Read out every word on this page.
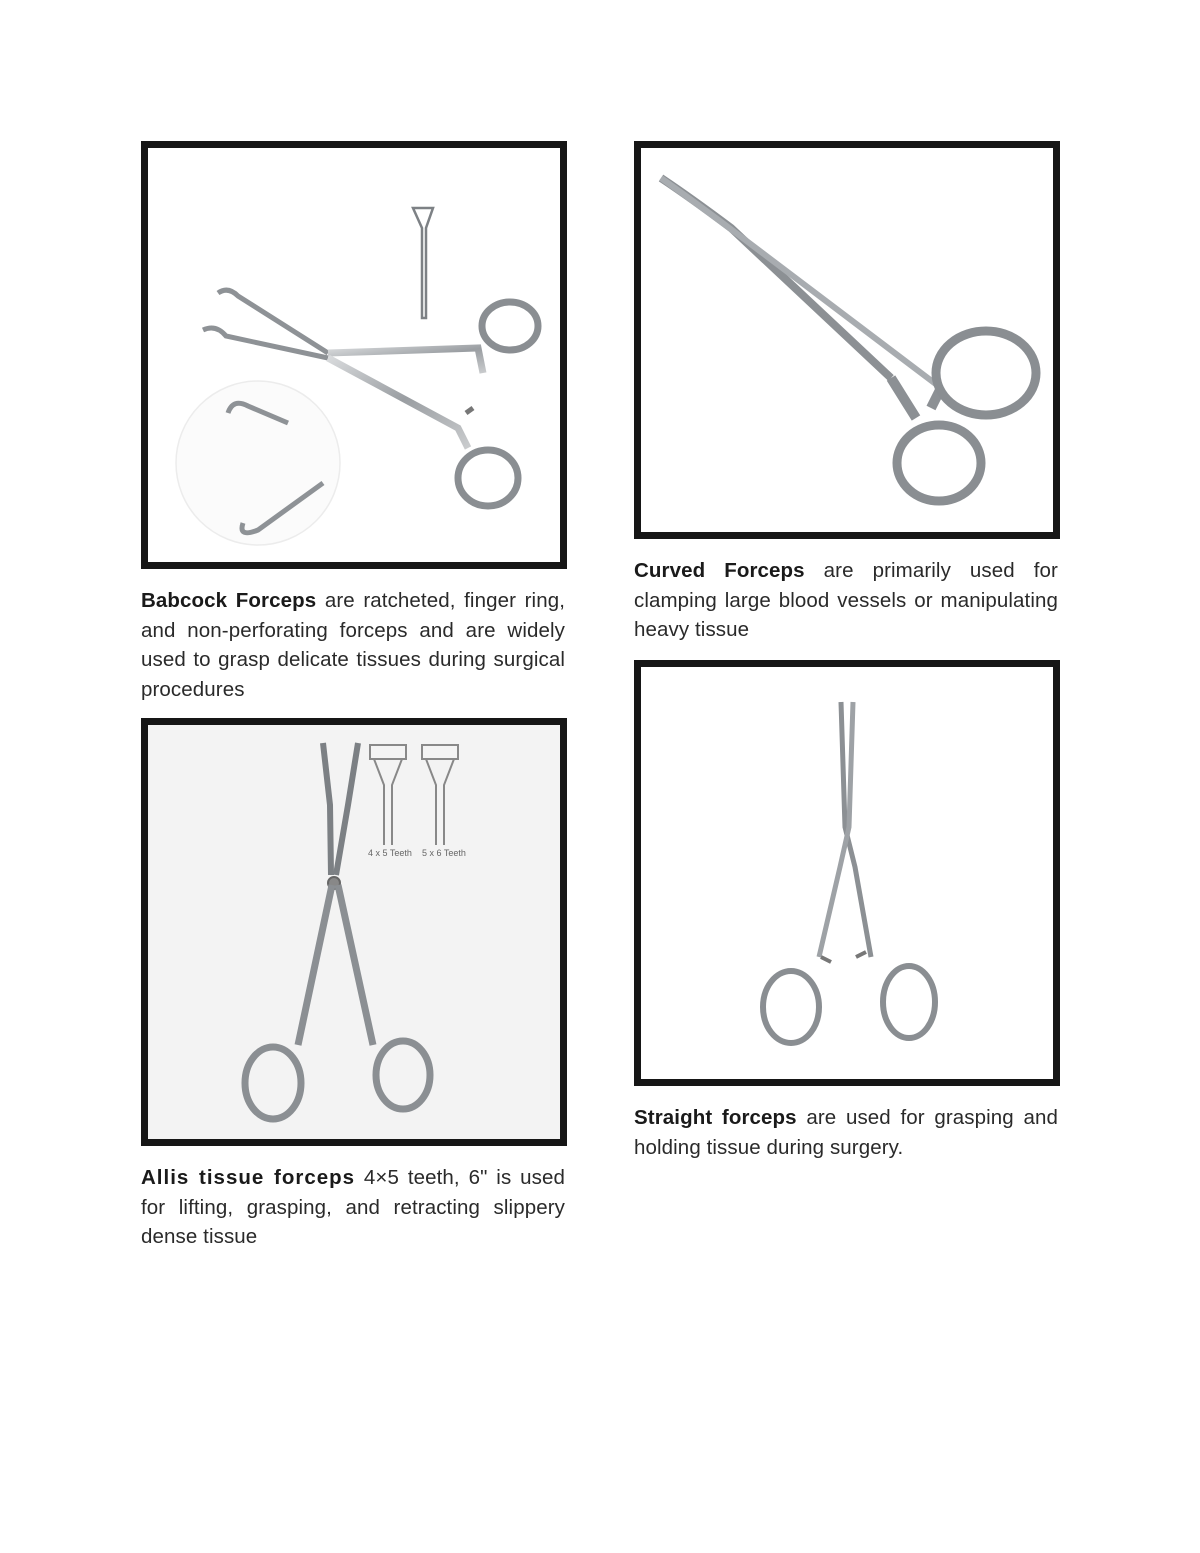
Babcock Forceps are ratcheted, finger ring, and non-perforating forceps and are widely used to grasp delicate tissues during surgical procedures

Curved Forceps are primarily used for clamping large blood vessels or manipulating heavy tissue

4 x 5 Teeth 5 x 6 Teeth

Allis tissue forceps 4×5 teeth, 6" is used for lifting, grasping, and retracting slippery dense tissue

Straight forceps are used for grasping and holding tissue during surgery.
